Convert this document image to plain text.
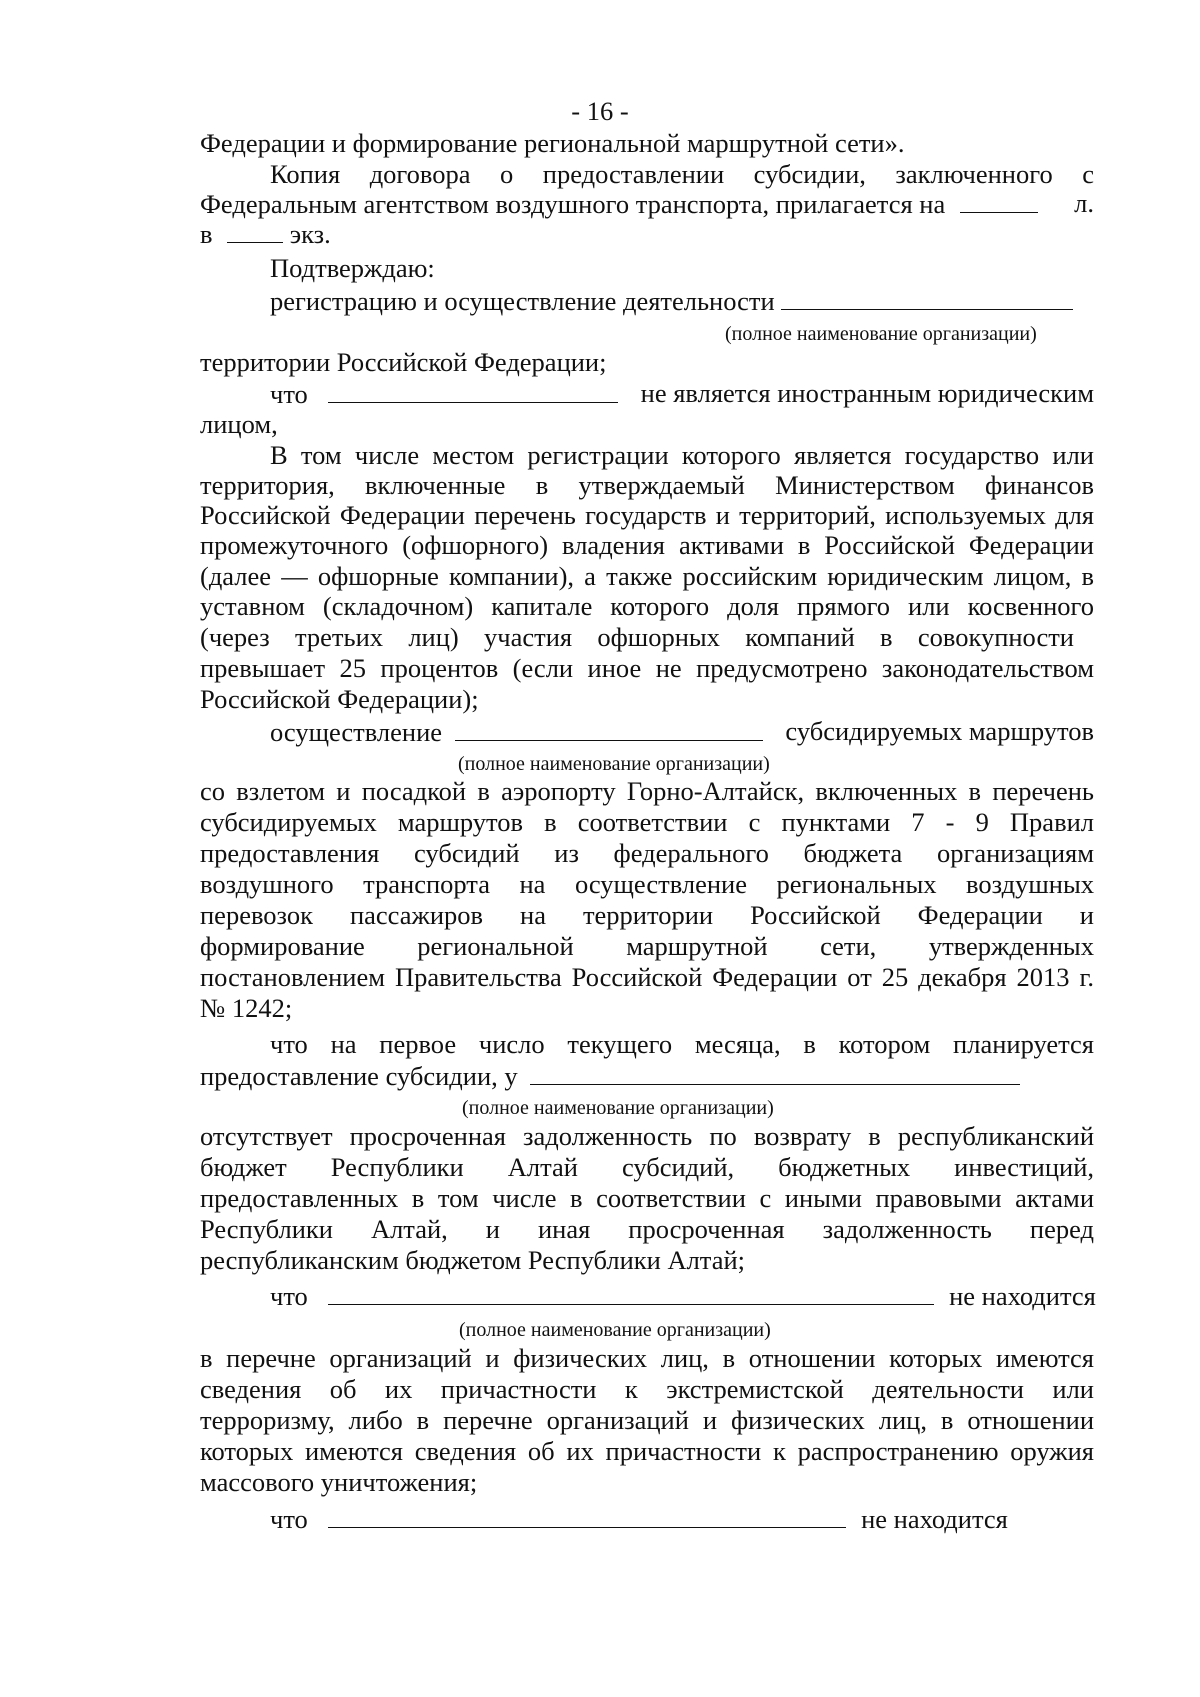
- 16 -
Федерации и формирование региональной маршрутной сети».
Копия договора о предоставлении субсидии, заключенного с
Федеральным агентством воздушного транспорта, прилагается на	л.
в	экз.
Подтверждаю:
регистрацию и осуществление деятельности
(полное наименование организации)
территории Российской Федерации;
что	не является иностранным юридическим
лицом,
В том числе местом регистрации которого является государство или
территория, включенные в утверждаемый Министерством финансов
Российской Федерации перечень государств и территорий, используемых для
промежуточного (офшорного) владения активами в Российской Федерации
(далее — офшорные компании), а также российским юридическим лицом, в
уставном (складочном) капитале которого доля прямого или косвенного
(через третьих лиц) участия офшорных компаний в совокупности
превышает 25 процентов (если иное не предусмотрено законодательством
Российской Федерации);
осуществление	субсидируемых маршрутов
(полное наименование организации)
со взлетом и посадкой в аэропорту Горно-Алтайск, включенных в перечень
субсидируемых маршрутов в соответствии с пунктами 7 - 9 Правил
предоставления субсидий из федерального бюджета организациям
воздушного транспорта на осуществление региональных воздушных
перевозок пассажиров на территории Российской Федерации и
формирование региональной маршрутной сети, утвержденных
постановлением Правительства Российской Федерации от 25 декабря 2013 г.
№ 1242;
что на первое число текущего месяца, в котором планируется
предоставление субсидии, у
(полное наименование организации)
отсутствует просроченная задолженность по возврату в республиканский
бюджет Республики Алтай субсидий, бюджетных инвестиций,
предоставленных в том числе в соответствии с иными правовыми актами
Республики Алтай, и иная просроченная задолженность перед
республиканским бюджетом Республики Алтай;
что	не находится
(полное наименование организации)
в перечне организаций и физических лиц, в отношении которых имеются
сведения об их причастности к экстремистской деятельности или
терроризму, либо в перечне организаций и физических лиц, в отношении
которых имеются сведения об их причастности к распространению оружия
массового уничтожения;
что	не находится
